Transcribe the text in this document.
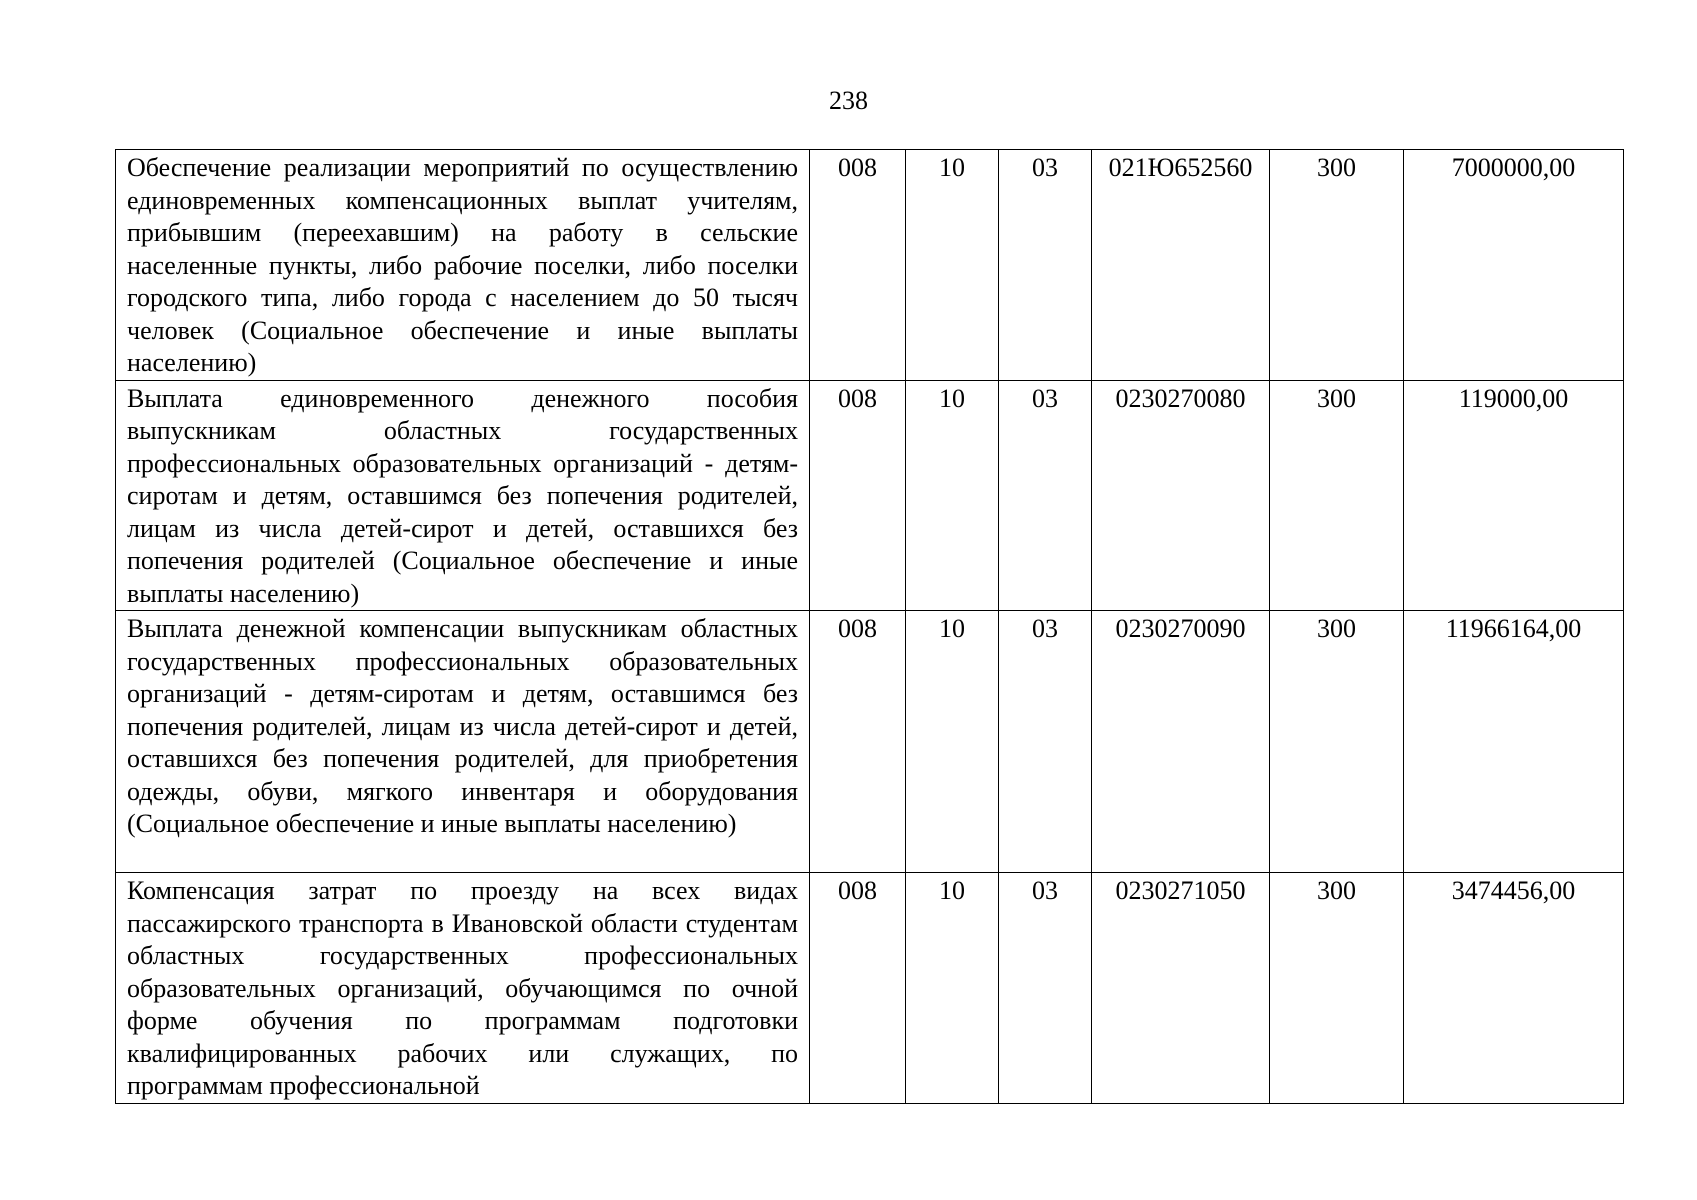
238
Обеспечение реализации мероприятий по осуществлению единовременных компенсационных выплат учителям, прибывшим (переехавшим) на работу в сельские населенные пункты, либо рабочие поселки, либо поселки городского типа, либо города с населением до 50 тысяч человек (Социальное обеспечение и иные выплаты населению)	008	10	03	021Ю652560	300	7000000,00
Выплата единовременного денежного пособия выпускникам областных государственных профессиональных образовательных организаций - детям-сиротам и детям, оставшимся без попечения родителей, лицам из числа детей-сирот и детей, оставшихся без попечения родителей (Социальное обеспечение и иные выплаты населению)	008	10	03	0230270080	300	119000,00
Выплата денежной компенсации выпускникам областных государственных профессиональных образовательных организаций - детям-сиротам и детям, оставшимся без попечения родителей, лицам из числа детей-сирот и детей, оставшихся без попечения родителей, для приобретения одежды, обуви, мягкого инвентаря и оборудования (Социальное обеспечение и иные выплаты населению)	008	10	03	0230270090	300	11966164,00
Компенсация затрат по проезду на всех видах пассажирского транспорта в Ивановской области студентам областных государственных профессиональных образовательных организаций, обучающимся по очной форме обучения по программам подготовки квалифицированных рабочих или служащих, по программам профессиональной	008	10	03	0230271050	300	3474456,00
